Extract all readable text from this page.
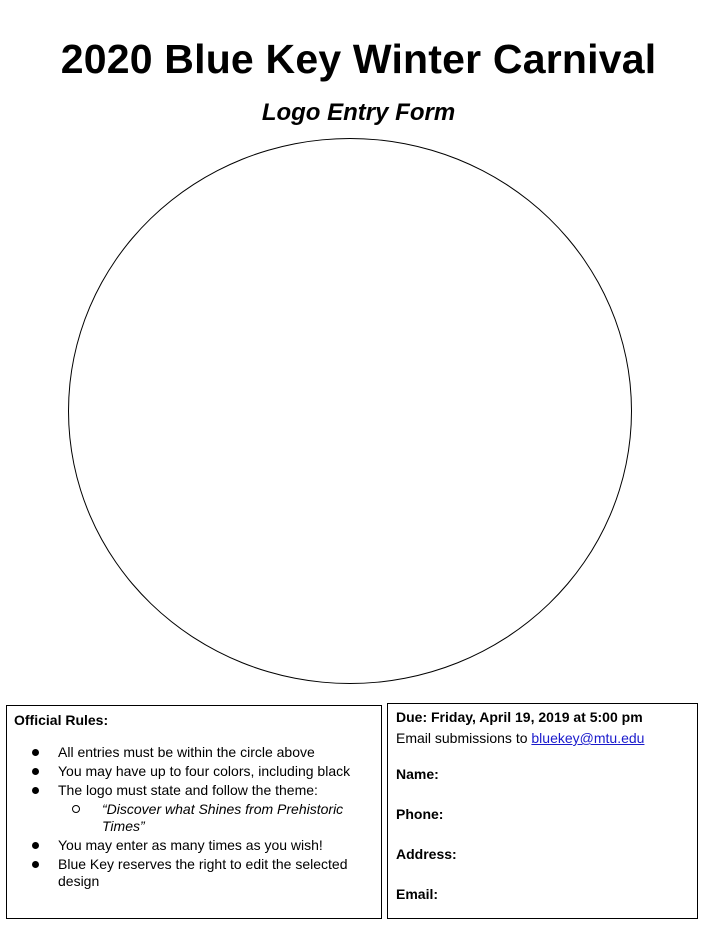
2020 Blue Key Winter Carnival
Logo Entry Form
Official Rules:
All entries must be within the circle above
You may have up to four colors, including black
The logo must state and follow the theme:
“Discover what Shines from Prehistoric Times”
You may enter as many times as you wish!
Blue Key reserves the right to edit the selected design
Due: Friday, April 19, 2019 at 5:00 pm
Email submissions to bluekey@mtu.edu
Name:
Phone:
Address:
Email:
